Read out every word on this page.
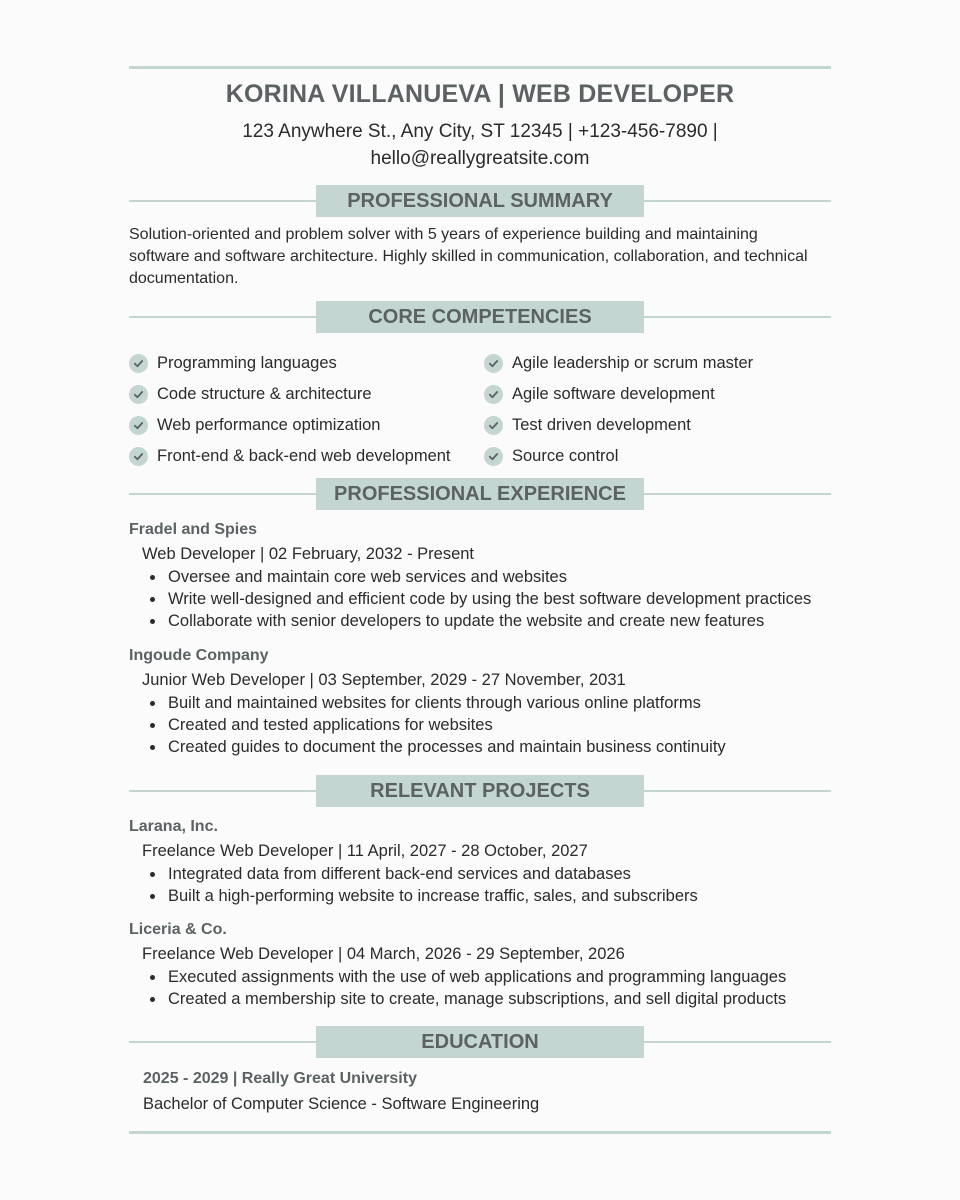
KORINA VILLANUEVA | WEB DEVELOPER
123 Anywhere St., Any City, ST 12345 | +123-456-7890 |
hello@reallygreatsite.com
PROFESSIONAL SUMMARY
Solution-oriented and problem solver with 5 years of experience building and maintaining
software and software architecture. Highly skilled in communication, collaboration, and technical
documentation.
CORE COMPETENCIES
Programming languages
Code structure & architecture
Web performance optimization
Front-end & back-end web development
Agile leadership or scrum master
Agile software development
Test driven development
Source control
PROFESSIONAL EXPERIENCE
Fradel and Spies
Web Developer | 02 February, 2032 - Present
Oversee and maintain core web services and websites
Write well-designed and efficient code by using the best software development practices
Collaborate with senior developers to update the website and create new features
Ingoude Company
Junior Web Developer | 03 September, 2029 - 27 November, 2031
Built and maintained websites for clients through various online platforms
Created and tested applications for websites
Created guides to document the processes and maintain business continuity
RELEVANT PROJECTS
Larana, Inc.
Freelance Web Developer | 11 April, 2027 - 28 October, 2027
Integrated data from different back-end services and databases
Built a high-performing website to increase traffic, sales, and subscribers
Liceria & Co.
Freelance Web Developer | 04 March, 2026 - 29 September, 2026
Executed assignments with the use of web applications and programming languages
Created a membership site to create, manage subscriptions, and sell digital products
EDUCATION
2025 - 2029 | Really Great University
Bachelor of Computer Science - Software Engineering
